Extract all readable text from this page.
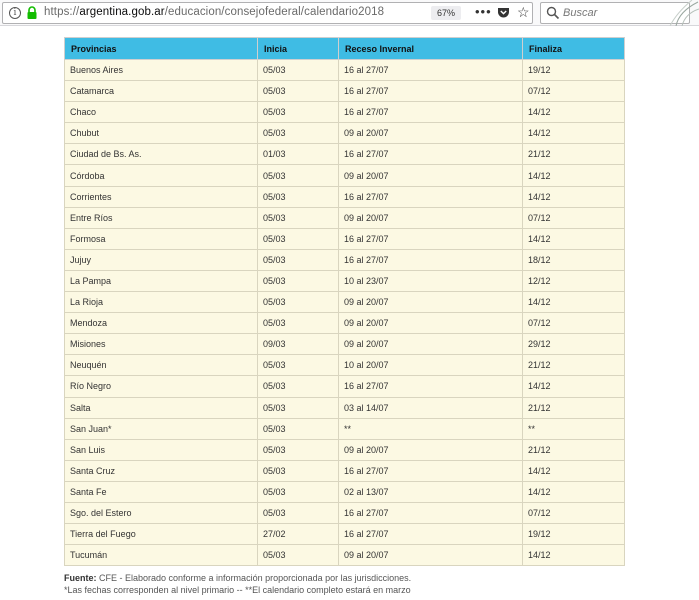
i	https://argentina.gob.ar/educacion/consejofederal/calendario2018	67%	••• ☆
Buscar
Provincias	Inicia	Receso Invernal	Finaliza
Buenos Aires	05/03	16 al 27/07	19/12
Catamarca	05/03	16 al 27/07	07/12
Chaco	05/03	16 al 27/07	14/12
Chubut	05/03	09 al 20/07	14/12
Ciudad de Bs. As.	01/03	16 al 27/07	21/12
Córdoba	05/03	09 al 20/07	14/12
Corrientes	05/03	16 al 27/07	14/12
Entre Ríos	05/03	09 al 20/07	07/12
Formosa	05/03	16 al 27/07	14/12
Jujuy	05/03	16 al 27/07	18/12
La Pampa	05/03	10 al 23/07	12/12
La Rioja	05/03	09 al 20/07	14/12
Mendoza	05/03	09 al 20/07	07/12
Misiones	09/03	09 al 20/07	29/12
Neuquén	05/03	10 al 20/07	21/12
Río Negro	05/03	16 al 27/07	14/12
Salta	05/03	03 al 14/07	21/12
San Juan*	05/03	**	**
San Luis	05/03	09 al 20/07	21/12
Santa Cruz	05/03	16 al 27/07	14/12
Santa Fe	05/03	02 al 13/07	14/12
Sgo. del Estero	05/03	16 al 27/07	07/12
Tierra del Fuego	27/02	16 al 27/07	19/12
Tucumán	05/03	09 al 20/07	14/12
Fuente: CFE - Elaborado conforme a información proporcionada por las jurisdicciones.
*Las fechas corresponden al nivel primario -- **El calendario completo estará en marzo
